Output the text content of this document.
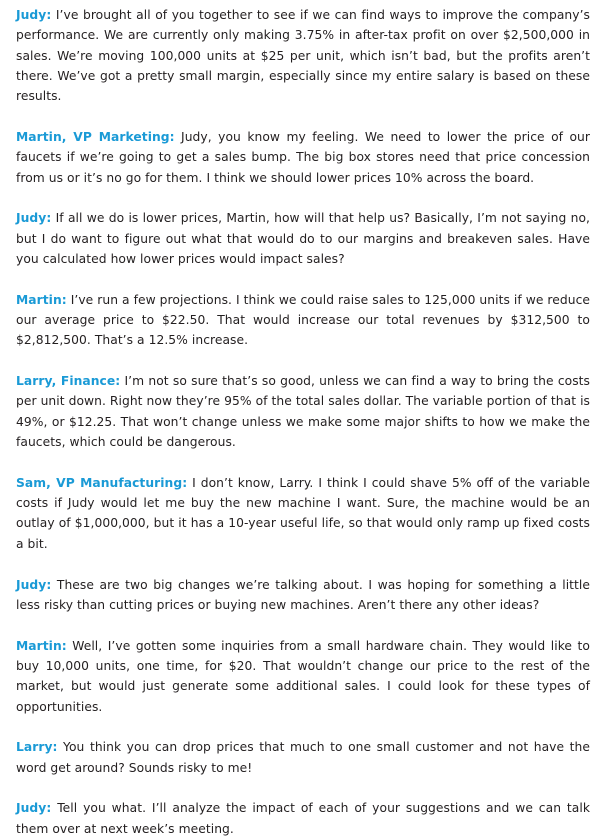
Judy: I’ve brought all of you together to see if we can find ways to improve the company’s performance. We are currently only making 3.75% in after-tax profit on over $2,500,000 in sales. We’re moving 100,000 units at $25 per unit, which isn’t bad, but the profits aren’t there. We’ve got a pretty small margin, especially since my entire salary is based on these results.

Martin, VP Marketing: Judy, you know my feeling. We need to lower the price of our faucets if we’re going to get a sales bump. The big box stores need that price concession from us or it’s no go for them. I think we should lower prices 10% across the board.

Judy: If all we do is lower prices, Martin, how will that help us? Basically, I’m not saying no, but I do want to figure out what that would do to our margins and breakeven sales. Have you calculated how lower prices would impact sales?

Martin: I’ve run a few projections. I think we could raise sales to 125,000 units if we reduce our average price to $22.50. That would increase our total revenues by $312,500 to $2,812,500. That’s a 12.5% increase.

Larry, Finance: I’m not so sure that’s so good, unless we can find a way to bring the costs per unit down. Right now they’re 95% of the total sales dollar. The variable portion of that is 49%, or $12.25. That won’t change unless we make some major shifts to how we make the faucets, which could be dangerous.

Sam, VP Manufacturing: I don’t know, Larry. I think I could shave 5% off of the variable costs if Judy would let me buy the new machine I want. Sure, the machine would be an outlay of $1,000,000, but it has a 10-year useful life, so that would only ramp up fixed costs a bit.

Judy: These are two big changes we’re talking about. I was hoping for something a little less risky than cutting prices or buying new machines. Aren’t there any other ideas?

Martin: Well, I’ve gotten some inquiries from a small hardware chain. They would like to buy 10,000 units, one time, for $20. That wouldn’t change our price to the rest of the market, but would just generate some additional sales. I could look for these types of opportunities.

Larry: You think you can drop prices that much to one small customer and not have the word get around? Sounds risky to me!

Judy: Tell you what. I’ll analyze the impact of each of your suggestions and we can talk them over at next week’s meeting.
